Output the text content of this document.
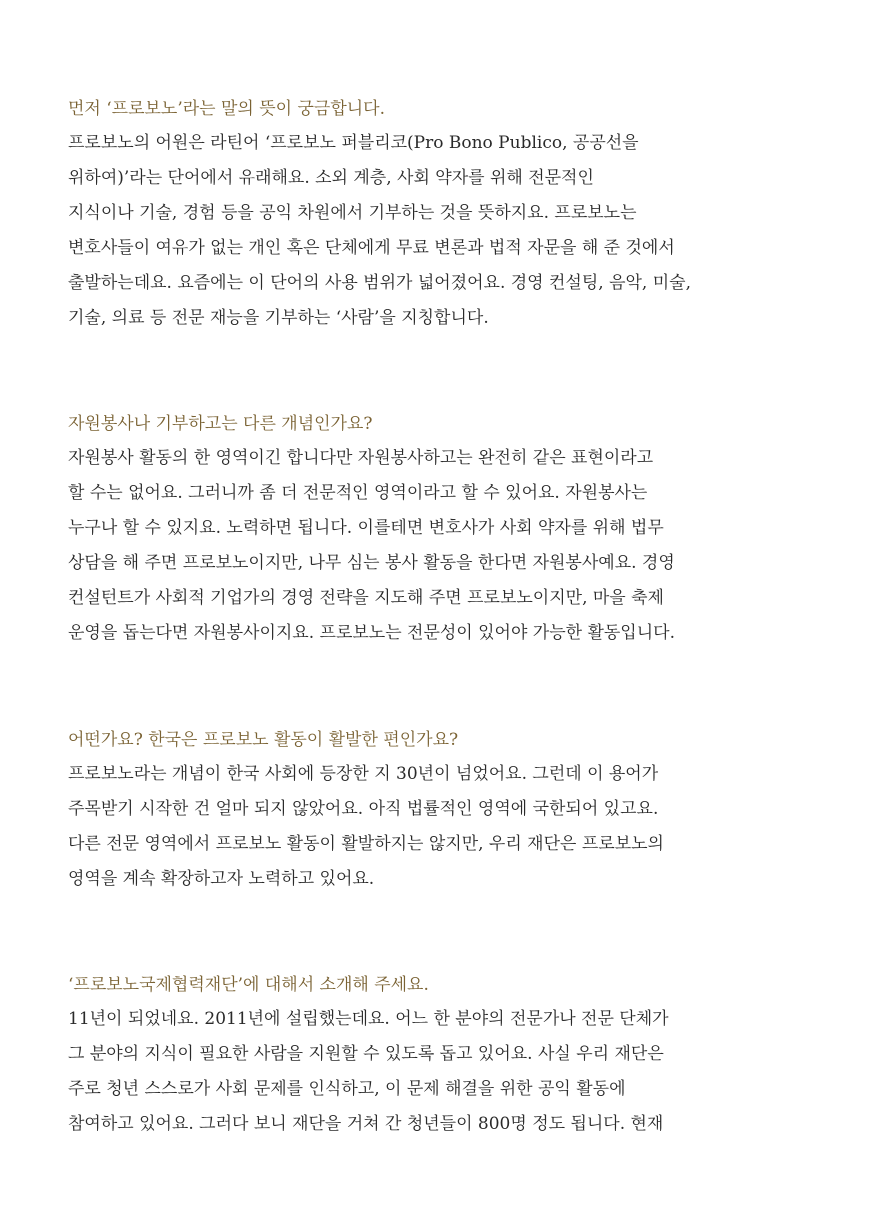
먼저 ‘프로보노’라는 말의 뜻이 궁금합니다.
프로보노의 어원은 라틴어 ‘프로보노 퍼블리코(Pro Bono Publico, 공공선을
위하여)’라는 단어에서 유래해요. 소외 계층, 사회 약자를 위해 전문적인
지식이나 기술, 경험 등을 공익 차원에서 기부하는 것을 뜻하지요. 프로보노는
변호사들이 여유가 없는 개인 혹은 단체에게 무료 변론과 법적 자문을 해 준 것에서
출발하는데요. 요즘에는 이 단어의 사용 범위가 넓어졌어요. 경영 컨설팅, 음악, 미술,
기술, 의료 등 전문 재능을 기부하는 ‘사람’을 지칭합니다.
자원봉사나 기부하고는 다른 개념인가요?
자원봉사 활동의 한 영역이긴 합니다만 자원봉사하고는 완전히 같은 표현이라고
할 수는 없어요. 그러니까 좀 더 전문적인 영역이라고 할 수 있어요. 자원봉사는
누구나 할 수 있지요. 노력하면 됩니다. 이를테면 변호사가 사회 약자를 위해 법무
상담을 해 주면 프로보노이지만, 나무 심는 봉사 활동을 한다면 자원봉사예요. 경영
컨설턴트가 사회적 기업가의 경영 전략을 지도해 주면 프로보노이지만, 마을 축제
운영을 돕는다면 자원봉사이지요. 프로보노는 전문성이 있어야 가능한 활동입니다.
어떤가요? 한국은 프로보노 활동이 활발한 편인가요?
프로보노라는 개념이 한국 사회에 등장한 지 30년이 넘었어요. 그런데 이 용어가
주목받기 시작한 건 얼마 되지 않았어요. 아직 법률적인 영역에 국한되어 있고요.
다른 전문 영역에서 프로보노 활동이 활발하지는 않지만, 우리 재단은 프로보노의
영역을 계속 확장하고자 노력하고 있어요.
‘프로보노국제협력재단’에 대해서 소개해 주세요.
11년이 되었네요. 2011년에 설립했는데요. 어느 한 분야의 전문가나 전문 단체가
그 분야의 지식이 필요한 사람을 지원할 수 있도록 돕고 있어요. 사실 우리 재단은
주로 청년 스스로가 사회 문제를 인식하고, 이 문제 해결을 위한 공익 활동에
참여하고 있어요. 그러다 보니 재단을 거쳐 간 청년들이 800명 정도 됩니다. 현재
